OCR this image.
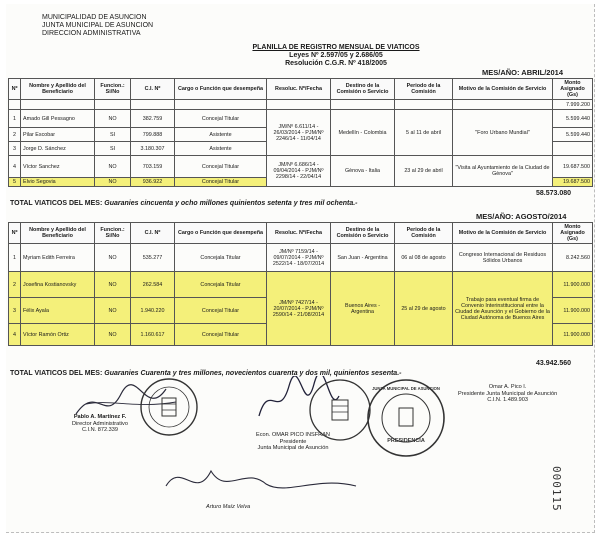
MUNICIPALIDAD DE ASUNCION
JUNTA MUNICIPAL DE ASUNCION
DIRECCION ADMINISTRATIVA
PLANILLA DE REGISTRO MENSUAL DE VIATICOS
Leyes Nº 2.597/05 y 2.686/05
Resolución C.G.R. Nº 418/2005
MES/AÑO: ABRIL/2014
Nº	Nombre y Apellido del Beneficiario	Funcion.: Si/No	C.I. Nº	Cargo o Función que desempeña	Resoluc. Nº/Fecha	Destino de la Comisión o Servicio	Periodo de la Comisión	Motivo de la Comisión de Servicio	Monto Asignado (Gs)
									7.999.200
1	Amado Gill Pessagno	NO	382.759	Concejal Titular	JM/Nº 6.611/14 - 26/03/2014 - PJM/Nº 2246/14 - 11/04/14	Medellín - Colombia	5 al 11 de abril	"Foro Urbano Mundial"	5.599.440
2	Pilar Escobar	SI	799.888	Asistente					5.599.440
3	Jorge D. Sánchez	SI	3.180.307	Asistente					
4	Víctor Sanchez	NO	703.159	Concejal Titular	JM/Nº 6.686/14 - 09/04/2014 - PJM/Nº 2298/14 - 22/04/14	Gènova - Italia	23 al 29 de abril	"Visita al Ayuntamiento de la Ciudad de Gènova"	19.687.500
5	Elvio Segovia	NO	936.922	Concejal Titular					19.687.500
TOTAL VIATICOS DEL MES: Guaranies cincuenta y ocho millones quinientos setenta y tres mil ochenta.-
58.573.080
MES/AÑO: AGOSTO/2014
Nº	Nombre y Apellido del Beneficiario	Funcion.: Si/No	C.I. Nº	Cargo o Función que desempeña	Resoluc. Nº/Fecha	Destino de la Comisión o Servicio	Periodo de la Comisión	Motivo de la Comisión de Servicio	Monto Asignado (Gs)
1	Myriam Edith Ferreira	NO	535.277	Concejala Titular	JM/Nº 7159/14 - 09/07/2014 - PJM/Nº 2522/14 - 18/07/2014	San Juan - Argentina	06 al 08 de agosto	Congreso Internacional de Residuos Sólidos Urbanos	8.242.560
2	Josefina Kostianovsky	NO	262.584	Concejala Titular	JM/Nº 7427/14 - 20/07/2014 - PJM/Nº 2590/14 - 21/08/2014	Buenos Aires - Argentina	25 al 29 de agosto	Trabajo para eventual firma de Convenio Interinstitucional entre la Ciudad de Asunción y el Gobierno de la Ciudad Autónoma de Buenos Aires	11.900.000
3	Félix Ayala	NO	1.940.220	Concejal Titular					11.900.000
4	Víctor Ramón Ortiz	NO	1.160.617	Concejal Titular					11.900.000
43.942.560
TOTAL VIATICOS DEL MES: Guaranies Cuarenta y tres millones, novecientos cuarenta y dos mil, quinientos sesenta.-
Pablo A. Martínez F.
Director Administrativo
C.I.N. 872.339
Econ. OMAR PICO INSFRAN
Presidente
Junta Municipal de Asunción
PRESIDENCIA
JUNTA MUNICIPAL DE ASUNCION	Omar A. Pico I.
Presidente Junta Municipal de Asunción
C.I.N. 1.489.903
Arturo Maíz Velva	000115
